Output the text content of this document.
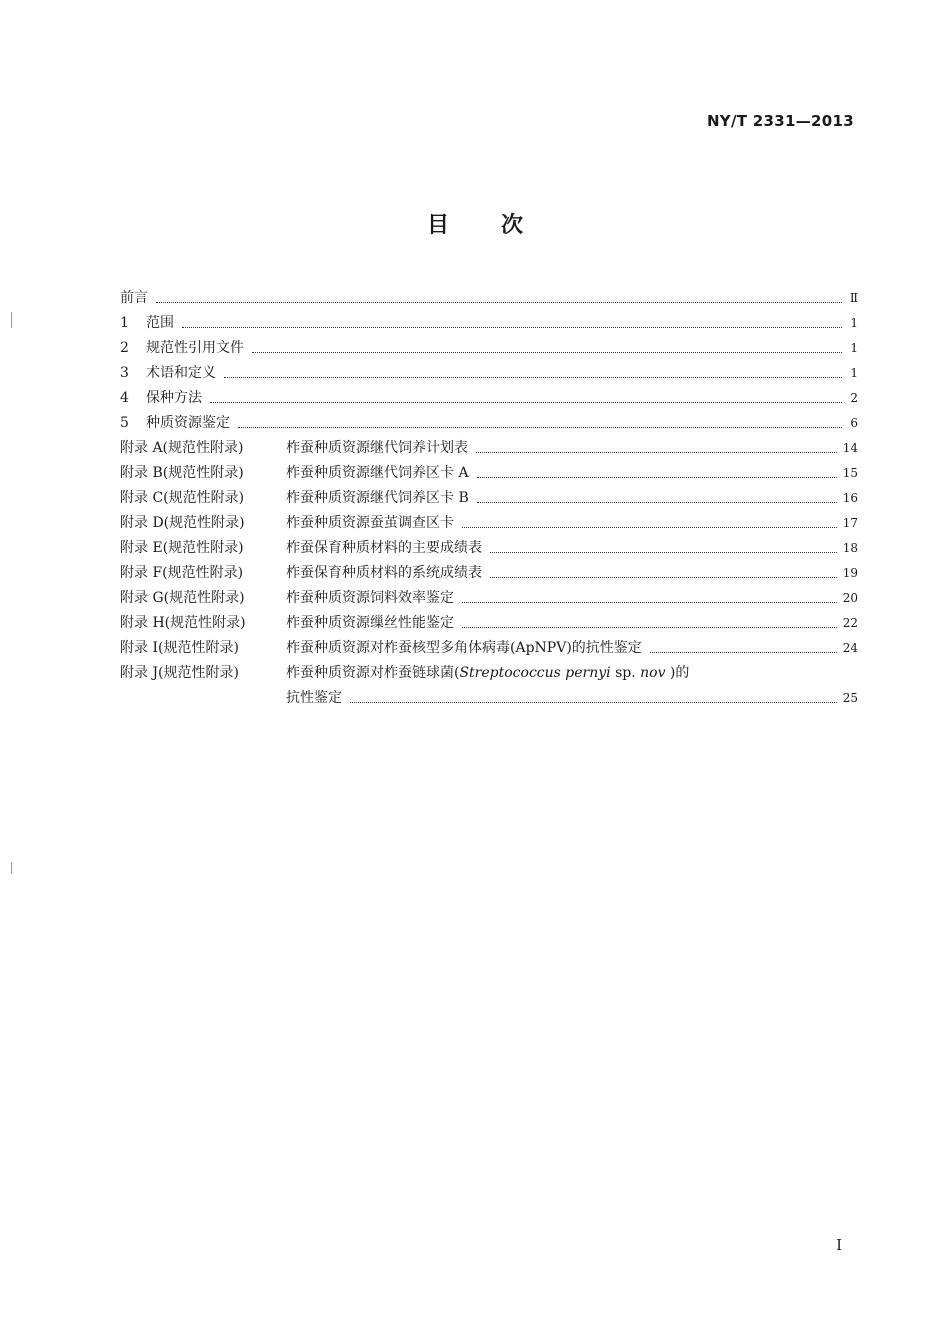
NY/T 2331—2013
目次
前言	Ⅱ
1	范围	1
2	规范性引用文件	1
3	术语和定义	1
4	保种方法	2
5	种质资源鉴定	6
附录 A(规范性附录)	柞蚕种质资源继代饲养计划表	14
附录 B(规范性附录)	柞蚕种质资源继代饲养区卡 A	15
附录 C(规范性附录)	柞蚕种质资源继代饲养区卡 B	16
附录 D(规范性附录)	柞蚕种质资源蚕茧调查区卡	17
附录 E(规范性附录)	柞蚕保育种质材料的主要成绩表	18
附录 F(规范性附录)	柞蚕保育种质材料的系统成绩表	19
附录 G(规范性附录)	柞蚕种质资源饲料效率鉴定	20
附录 H(规范性附录)	柞蚕种质资源缫丝性能鉴定	22
附录 I(规范性附录)	柞蚕种质资源对柞蚕核型多角体病毒(ApNPV)的抗性鉴定	24
附录 J(规范性附录)	柞蚕种质资源对柞蚕链球菌(Streptococcus pernyi sp. nov )的
抗性鉴定	25
I
